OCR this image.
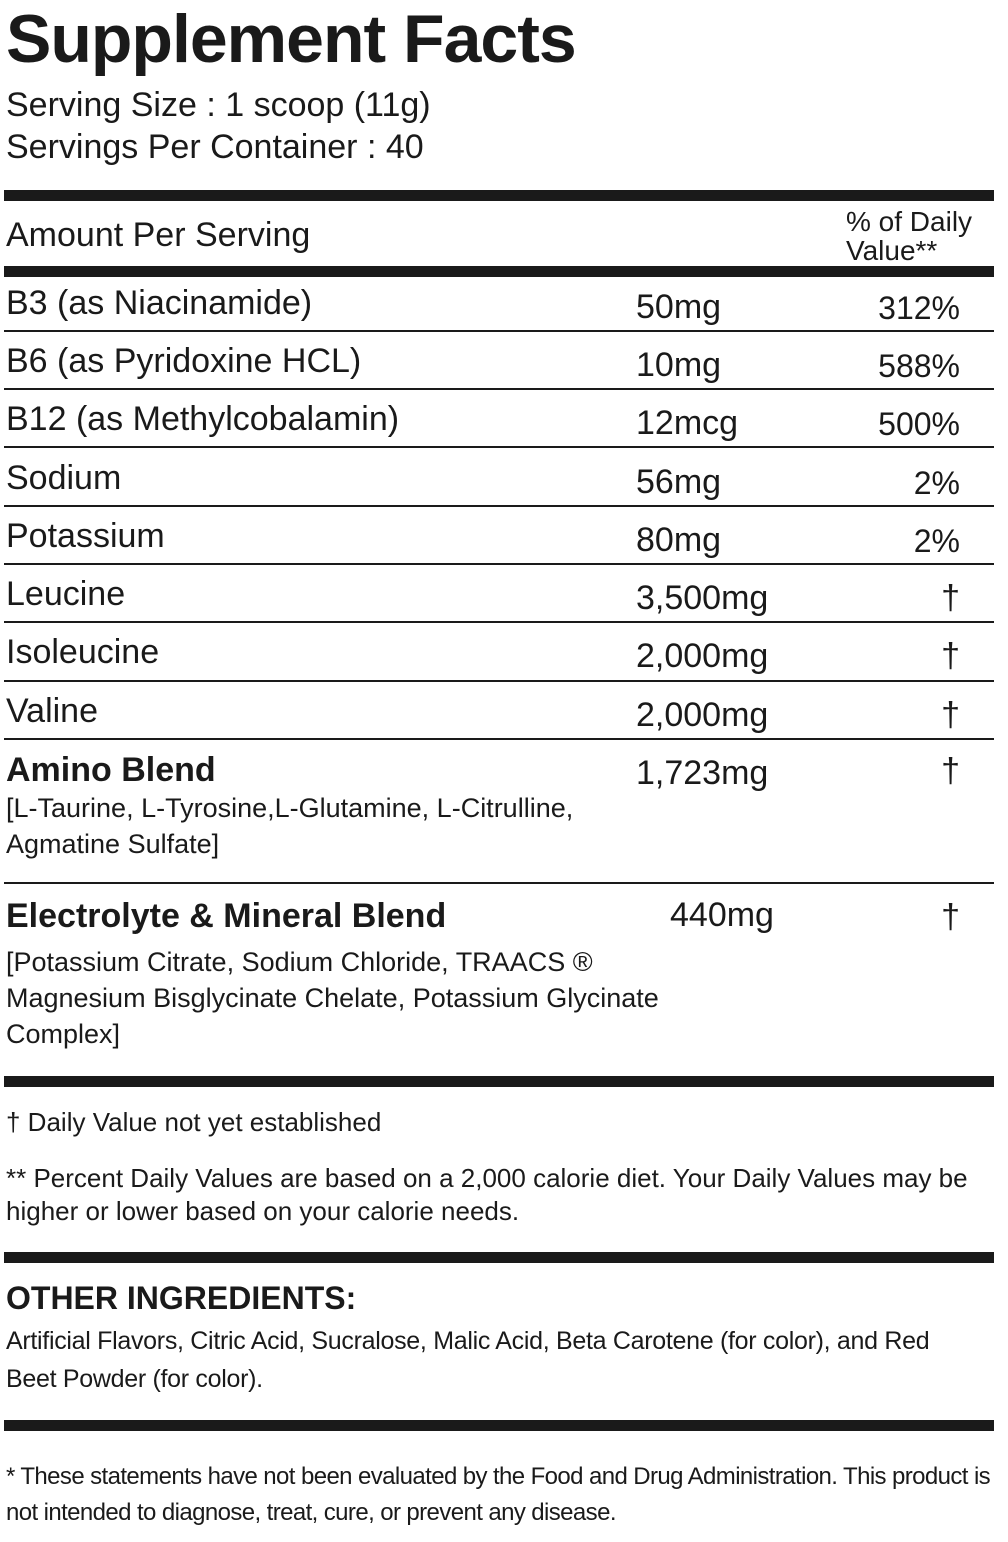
Supplement Facts
Serving Size : 1 scoop (11g)
Servings Per Container : 40
Amount Per Serving	% of Daily Value**
B3 (as Niacinamide)	50mg	312%
B6 (as Pyridoxine HCL)	10mg	588%
B12 (as Methylcobalamin)	12mcg	500%
Sodium	56mg	2%
Potassium	80mg	2%
Leucine	3,500mg	†
Isoleucine	2,000mg	†
Valine	2,000mg	†
Amino Blend	1,723mg	†
[L-Taurine, L-Tyrosine,L-Glutamine, L-Citrulline, Agmatine Sulfate]
Electrolyte & Mineral Blend	440mg	†
[Potassium Citrate, Sodium Chloride, TRAACS ® Magnesium Bisglycinate Chelate, Potassium Glycinate Complex]
† Daily Value not yet established
** Percent Daily Values are based on a 2,000 calorie diet. Your Daily Values may be higher or lower based on your calorie needs.
OTHER INGREDIENTS:
Artificial Flavors, Citric Acid, Sucralose, Malic Acid, Beta Carotene (for color), and Red Beet Powder (for color).
* These statements have not been evaluated by the Food and Drug Administration. This product is not intended to diagnose, treat, cure, or prevent any disease.
